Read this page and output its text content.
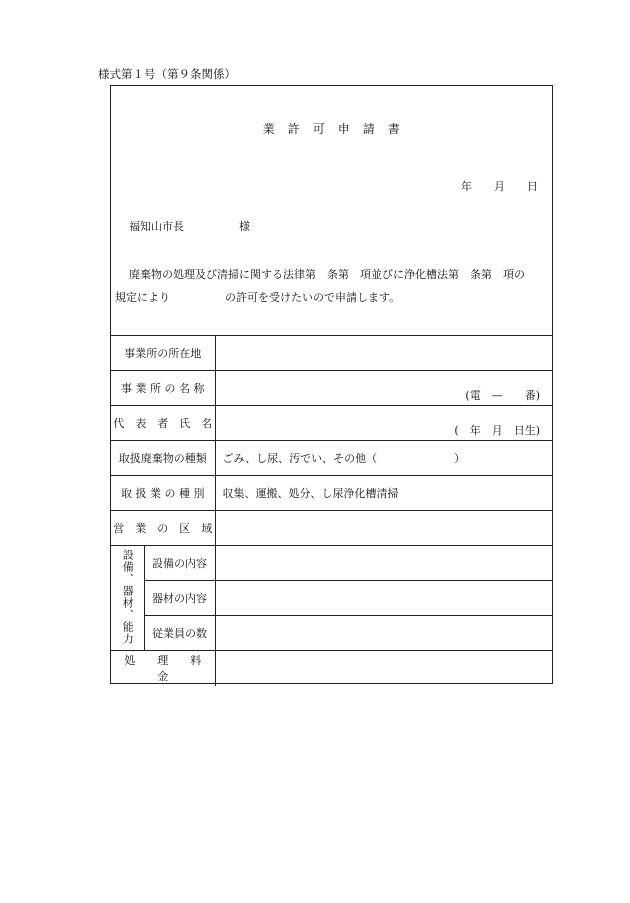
様式第１号（第９条関係）
業　許　可　申　請　書
年　　月　　日
福知山市長　　　　　様
廃棄物の処理及び清掃に関する法律第　条第　項並びに浄化槽法第　条第　項の
規定により　　　　　の許可を受けたいので申請します。
事業所の所在地		
事 業 所 の 名 称		(電　—　　番)

代　表　者　氏　名		(　年　月　日生)

取扱廃棄物の種類		ごみ、し尿、汚でい、その他（　　　　　　　）
取 扱 業 の 種 別		収集、運搬、処分、し尿浄化槽清掃
営　業　の　区　域		
設備、器材、能力	設備の内容	
	器材の内容	
	従業員の数	
処　　理　　料　　金		
